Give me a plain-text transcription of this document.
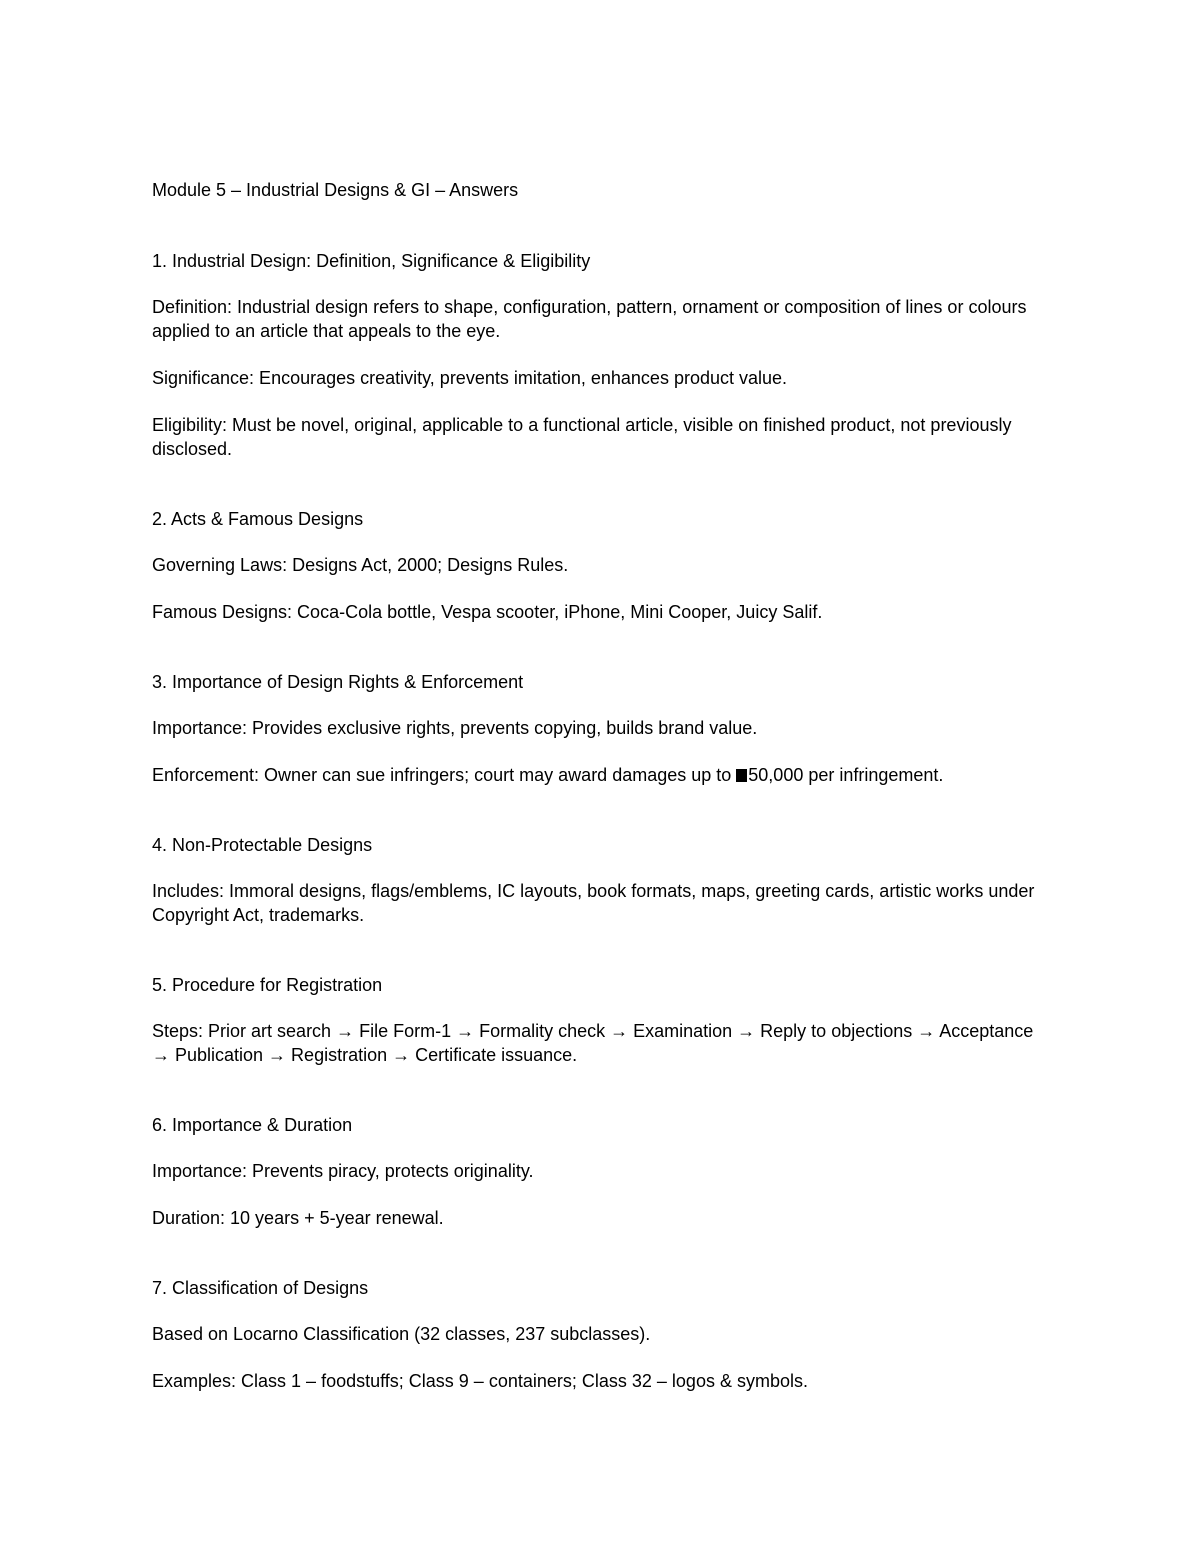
Module 5 – Industrial Designs & GI – Answers
1. Industrial Design: Definition, Significance & Eligibility

Definition: Industrial design refers to shape, configuration, pattern, ornament or composition of lines or colours applied to an article that appeals to the eye.

Significance: Encourages creativity, prevents imitation, enhances product value.

Eligibility: Must be novel, original, applicable to a functional article, visible on finished product, not previously disclosed.

2. Acts & Famous Designs

Governing Laws: Designs Act, 2000; Designs Rules.

Famous Designs: Coca-Cola bottle, Vespa scooter, iPhone, Mini Cooper, Juicy Salif.

3. Importance of Design Rights & Enforcement

Importance: Provides exclusive rights, prevents copying, builds brand value.

Enforcement: Owner can sue infringers; court may award damages up to 50,000 per infringement.

4. Non-Protectable Designs

Includes: Immoral designs, flags/emblems, IC layouts, book formats, maps, greeting cards, artistic works under Copyright Act, trademarks.

5. Procedure for Registration

Steps: Prior art search → File Form-1 → Formality check → Examination → Reply to objections → Acceptance → Publication → Registration → Certificate issuance.

6. Importance & Duration

Importance: Prevents piracy, protects originality.

Duration: 10 years + 5-year renewal.

7. Classification of Designs

Based on Locarno Classification (32 classes, 237 subclasses).

Examples: Class 1 – foodstuffs; Class 9 – containers; Class 32 – logos & symbols.
